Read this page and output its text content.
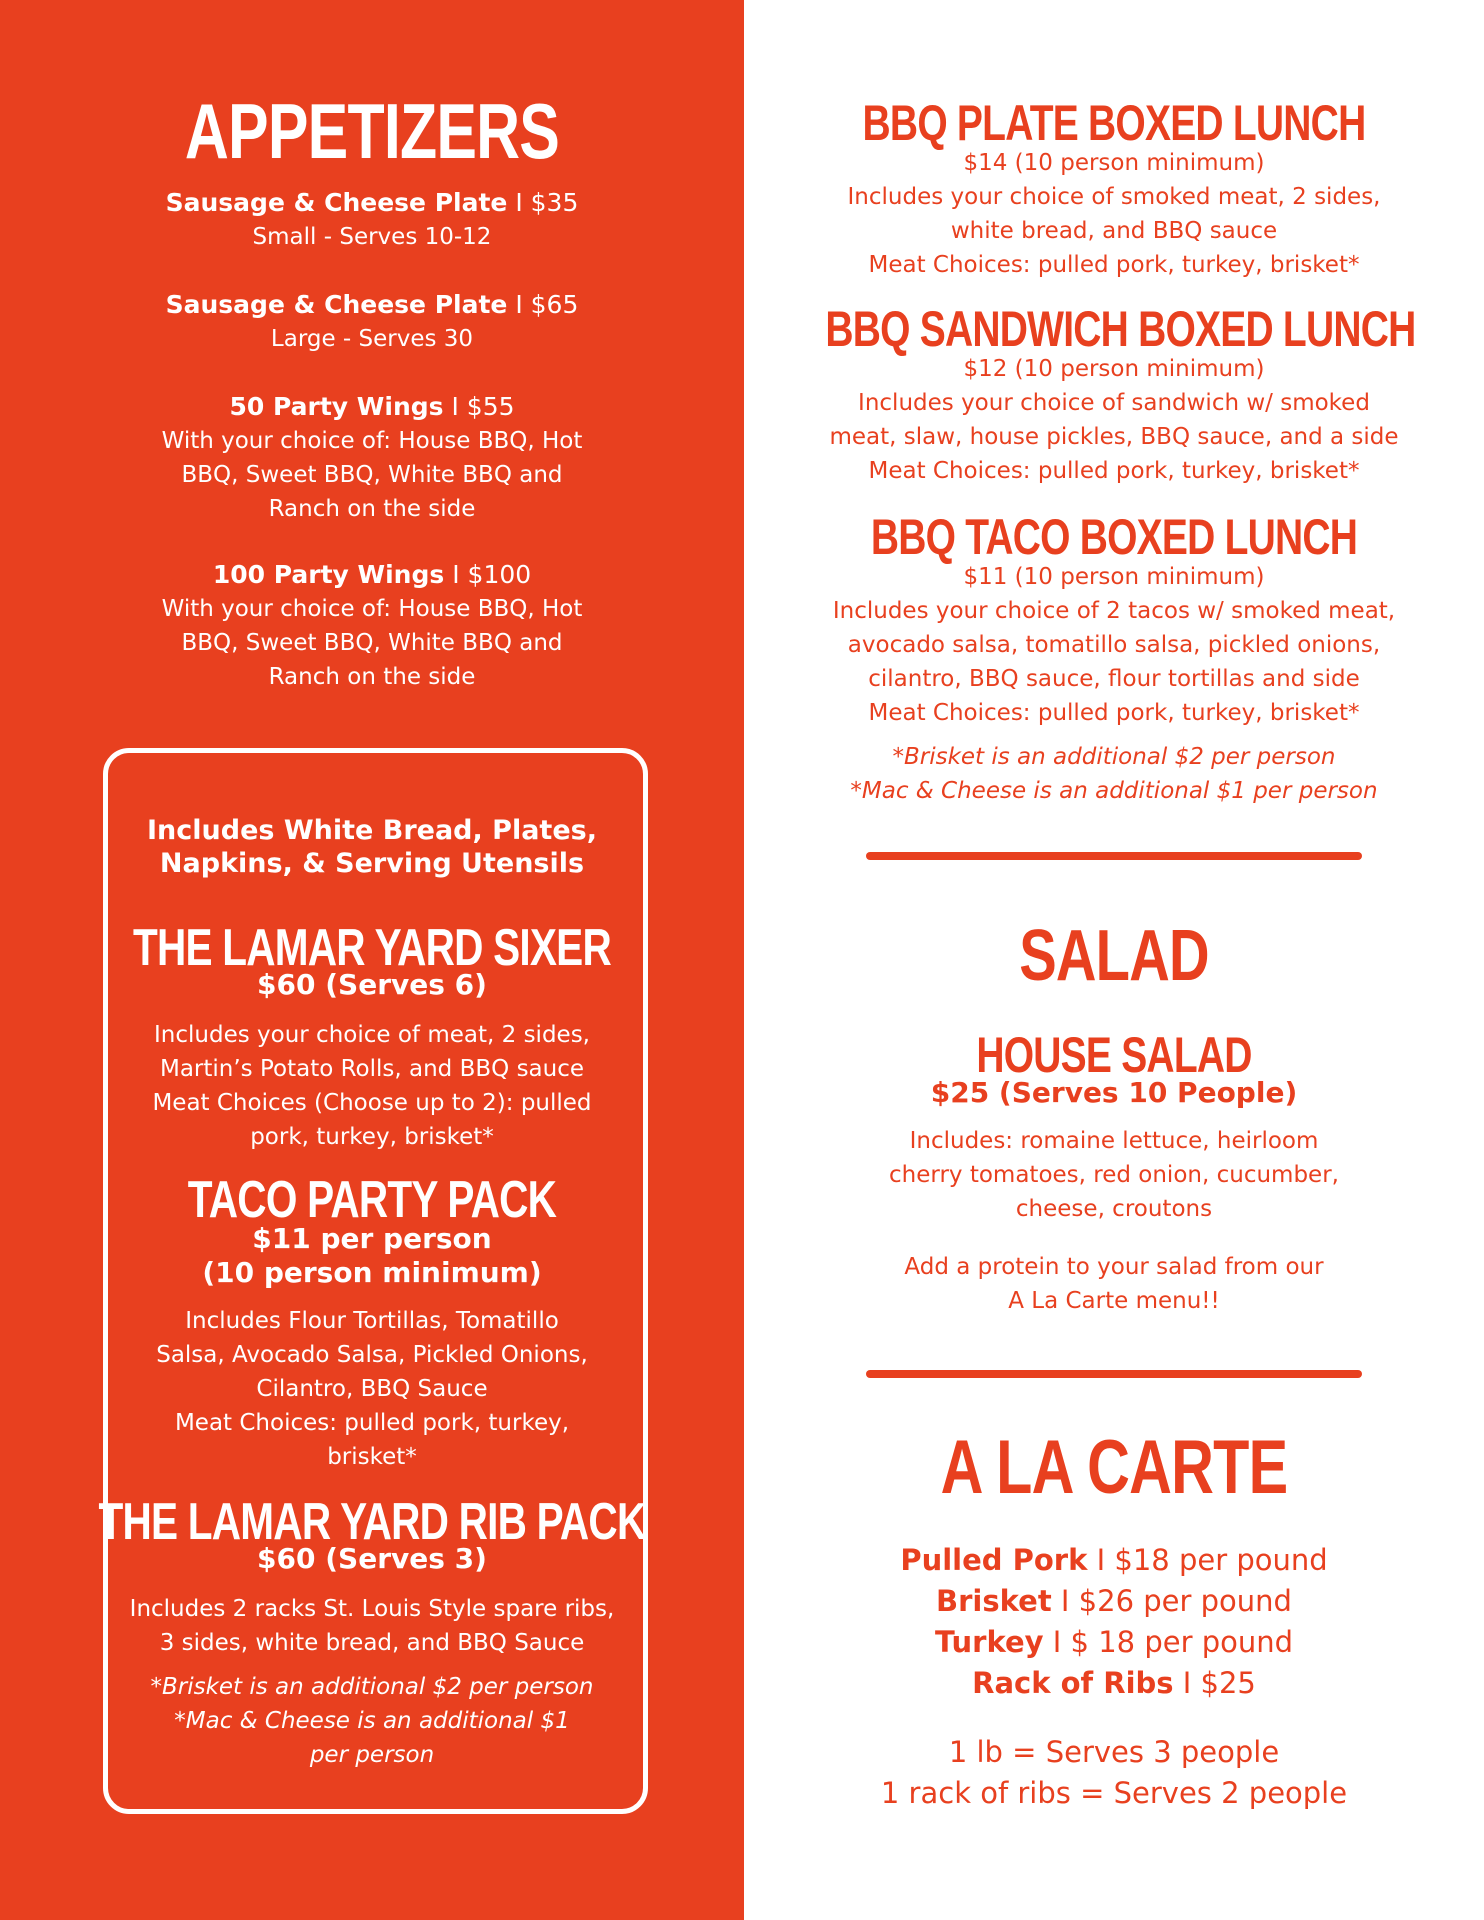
APPETIZERS
Sausage & Cheese Plate I $35
Small - Serves 10-12
Sausage & Cheese Plate I $65
Large - Serves 30
50 Party Wings I $55
With your choice of: House BBQ, Hot
BBQ, Sweet BBQ, White BBQ and
Ranch on the side
100 Party Wings I $100
With your choice of: House BBQ, Hot
BBQ, Sweet BBQ, White BBQ and
Ranch on the side
Includes White Bread, Plates,
Napkins, & Serving Utensils
THE LAMAR YARD SIXER
$60 (Serves 6)
Includes your choice of meat, 2 sides,
Martin’s Potato Rolls, and BBQ sauce
Meat Choices (Choose up to 2): pulled
pork, turkey, brisket*
TACO PARTY PACK
$11 per person
(10 person minimum)
Includes Flour Tortillas, Tomatillo
Salsa, Avocado Salsa, Pickled Onions,
Cilantro, BBQ Sauce
Meat Choices: pulled pork, turkey,
brisket*
THE LAMAR YARD RIB PACK
$60 (Serves 3)
Includes 2 racks St. Louis Style spare ribs,
3 sides, white bread, and BBQ Sauce
*Brisket is an additional $2 per person
*Mac & Cheese is an additional $1
per person
BBQ PLATE BOXED LUNCH
$14 (10 person minimum)
Includes your choice of smoked meat, 2 sides,
white bread, and BBQ sauce
Meat Choices: pulled pork, turkey, brisket*
BBQ SANDWICH BOXED LUNCH
$12 (10 person minimum)
Includes your choice of sandwich w/ smoked
meat, slaw, house pickles, BBQ sauce, and a side
Meat Choices: pulled pork, turkey, brisket*
BBQ TACO BOXED LUNCH
$11 (10 person minimum)
Includes your choice of 2 tacos w/ smoked meat,
avocado salsa, tomatillo salsa, pickled onions,
cilantro, BBQ sauce, flour tortillas and side
Meat Choices: pulled pork, turkey, brisket*
*Brisket is an additional $2 per person
*Mac & Cheese is an additional $1 per person
SALAD
HOUSE SALAD
$25 (Serves 10 People)
Includes: romaine lettuce, heirloom
cherry tomatoes, red onion, cucumber,
cheese, croutons
Add a protein to your salad from our
A La Carte menu!!
A LA CARTE
Pulled Pork I $18 per pound
Brisket I $26 per pound
Turkey I $ 18 per pound
Rack of Ribs I $25
1 lb = Serves 3 people
1 rack of ribs = Serves 2 people
